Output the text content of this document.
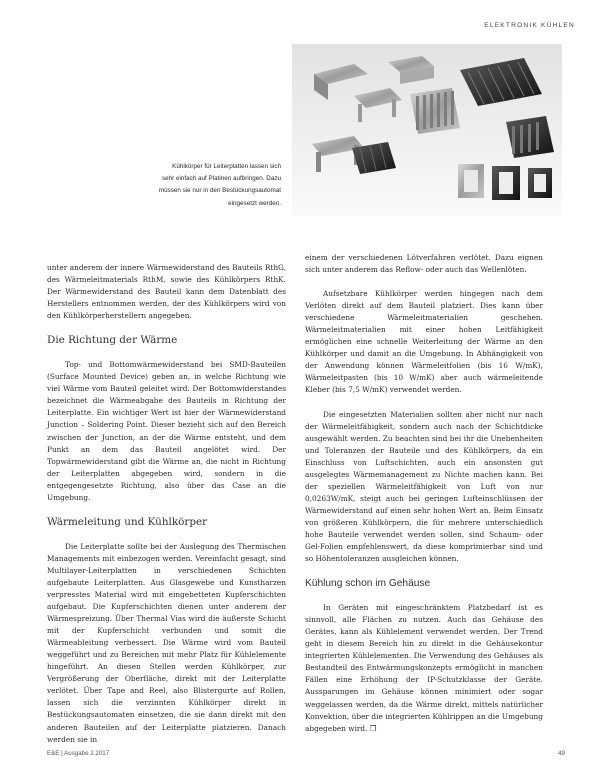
ELEKTRONIK KÜHLEN

Kühlkörper für Leiterplatten lassen sich

sehr einfach auf Platinen aufbringen. Dazu

müssen sie nur in den Bestückungsautomat

eingesetzt werden.

unter anderem der innere Wärmewiderstand des Bauteils RthG, des Wärmeleitmaterials RthM, sowie des Kühlkörpers RthK. Der Wärmewiderstand des Bauteil kann dem Datenblatt des Herstellers entnommen werden, der des Kühlkörpers wird von den Kühlkörperherstellern angegeben.

Die Richtung der Wärme

Top- und Bottomwärmewiderstand bei SMD-Bauteilen (Surface Mounted Device) geben an, in welche Richtung wie viel Wärme vom Bauteil geleitet wird. Der Bottomwiderstandes bezeichnet die Wärmeabgabe des Bauteils in Richtung der Leiterplatte. Ein wichtiger Wert ist hier der Wärmewiderstand Junction – Soldering Point. Dieser bezieht sich auf den Bereich zwischen der Junction, an der die Wärme entsteht, und dem Punkt an dem das Bauteil angelötet wird. Der Topwärmewiderstand gibt die Wärme an, die nicht in Richtung der Leiterplatten abgegeben wird, sondern in die entgegengesetzte Richtung, also über das Case an die Umgebung.

Wärmeleitung und Kühlkörper

Die Leiterplatte sollte bei der Auslegung des Thermischen Managements mit einbezogen werden. Vereinfacht gesagt, sind Multilayer-Leiterplatten in verschiedenen Schichten aufgebaute Leiterplatten. Aus Glasgewebe und Kunstharzen verpresstes Material wird mit eingebetteten Kupferschichten aufgebaut. Die Kupferschichten dienen unter anderem der Wärmespreizung. Über Thermal Vias wird die äußerste Schicht mit der Kupferschicht verbunden und somit die Wärmeableitung verbessert. Die Wärme wird vom Bauteil weggeführt und zu Bereichen mit mehr Platz für Kühlelemente hingeführt. An diesen Stellen werden Kühlkörper, zur Vergrößerung der Oberfläche, direkt mit der Leiterplatte verlötet. Über Tape and Reel, also Blistergurte auf Rollen, lassen sich die verzinnten Kühlkörper direkt in Bestückungsautomaten einsetzen, die sie dann direkt mit den anderen Bauteilen auf der Leiterplatte platzieren. Danach werden sie in

einem der verschiedenen Lötverfahren verlötet. Dazu eignen sich unter anderem das Reflow- oder auch das Wellenlöten.

Aufsetzbare Kühlkörper werden hingegen nach dem Verlöten direkt auf dem Bauteil platziert. Dies kann über verschiedene Wärmeleitmaterialien geschehen. Wärmeleitmaterialien mit einer hohen Leitfähigkeit ermöglichen eine schnelle Weiterleitung der Wärme an den Kühlkörper und damit an die Umgebung. In Abhängigkeit von der Anwendung können Wärmeleitfolien (bis 16 W/mK), Wärmeleitpasten (bis 10 W/mK) aber auch wärmeleitende Kleber (bis 7,5 W/mK) verwendet werden.

Die eingesetzten Materialien sollten aber nicht nur nach der Wärmeleitfähigkeit, sondern auch nach der Schichtdicke ausgewählt werden. Zu beachten sind bei ihr die Unebenheiten und Toleranzen der Bauteile und des Kühlkörpers, da ein Einschluss von Luftschichten, auch ein ansonsten gut ausgelegtes Wärmemanagement zu Nichte machen kann. Bei der speziellen Wärmeleitfähigkeit von Luft von nur 0,0263W/mK, steigt auch bei geringen Lufteinschlüssen der Wärmewiderstand auf einen sehr hohen Wert an. Beim Einsatz von größeren Kühlkörpern, die für mehrere unterschiedlich hohe Bauteile verwendet werden sollen, sind Schaum- oder Gel-Folien empfehlenswert, da diese komprimierbar sind und so Höhentoleranzen ausgleichen können.

Kühlung schon im Gehäuse

In Geräten mit eingeschränktem Platzbedarf ist es sinnvoll, alle Flächen zu nutzen. Auch das Gehäuse des Gerätes, kann als Kühlelement verwendet werden. Der Trend geht in diesem Bereich hin zu direkt in die Gehäusekontur integrierten Kühlelementen. Die Verwendung des Gehäuses als Bestandteil des Entwärmungskonzepts ermöglicht in manchen Fällen eine Erhöhung der IP-Schutzklasse der Geräte. Aussparungen im Gehäuse können minimiert oder sogar weggelassen werden, da die Wärme direkt, mittels natürlicher Konvektion, über die integrierten Kühlrippen an die Umgebung abgegeben wird. ❐

E&E | Ausgabe 2.2017	49
